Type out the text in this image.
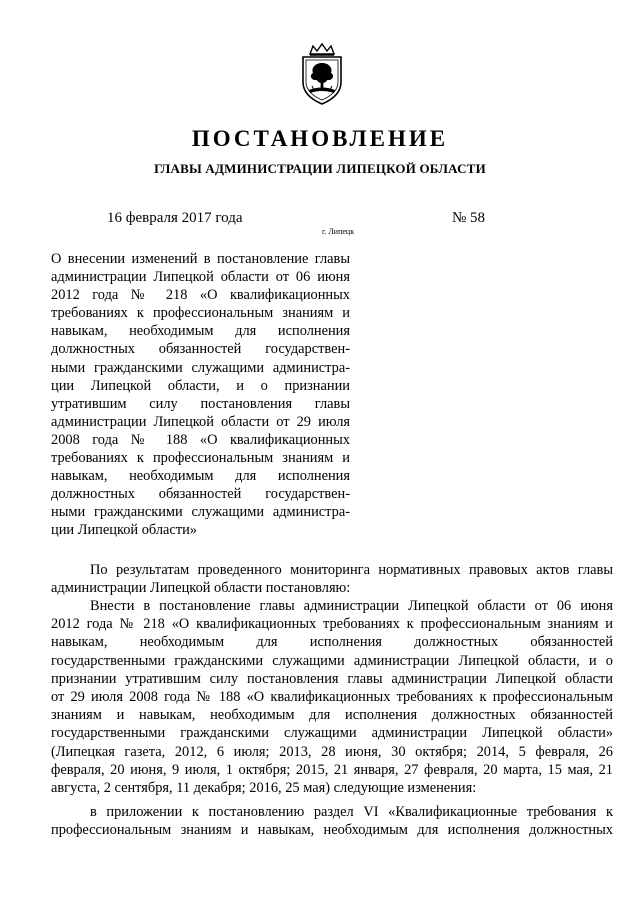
ПОСТАНОВЛЕНИЕ
ГЛАВЫ АДМИНИСТРАЦИИ ЛИПЕЦКОЙ ОБЛАСТИ
16 февраля 2017 года
г. Липецк
№ 58
О внесении изменений в постановление главы
администрации Липецкой области от 06 июня
2012 года № 218 «О квалификационных
требованиях к профессиональным знаниям и
навыкам, необходимым для исполнения
должностных обязанностей государствен-
ными гражданскими служащими администра-
ции Липецкой области, и о признании
утратившим силу постановления главы
администрации Липецкой области от 29 июля
2008 года № 188 «О квалификационных
требованиях к профессиональным знаниям и
навыкам, необходимым для исполнения
должностных обязанностей государствен-
ными гражданскими служащими администра-
ции Липецкой области»
По результатам проведенного мониторинга нормативных правовых актов главы
администрации Липецкой области постановляю:
Внести в постановление главы администрации Липецкой области от 06 июня
2012 года № 218 «О квалификационных требованиях к профессиональным знаниям и
навыкам, необходимым для исполнения должностных обязанностей
государственными гражданскими служащими администрации Липецкой области, и о
признании утратившим силу постановления главы администрации Липецкой области
от 29 июля 2008 года № 188 «О квалификационных требованиях к профессиональным
знаниям и навыкам, необходимым для исполнения должностных обязанностей
государственными гражданскими служащими администрации Липецкой области»
(Липецкая газета, 2012, 6 июля; 2013, 28 июня, 30 октября; 2014, 5 февраля, 26
февраля, 20 июня, 9 июля, 1 октября; 2015, 21 января, 27 февраля, 20 марта, 15 мая, 21
августа, 2 сентября, 11 декабря; 2016, 25 мая) следующие изменения:
в приложении к постановлению раздел VI «Квалификационные требования к
профессиональным знаниям и навыкам, необходимым для исполнения должностных
